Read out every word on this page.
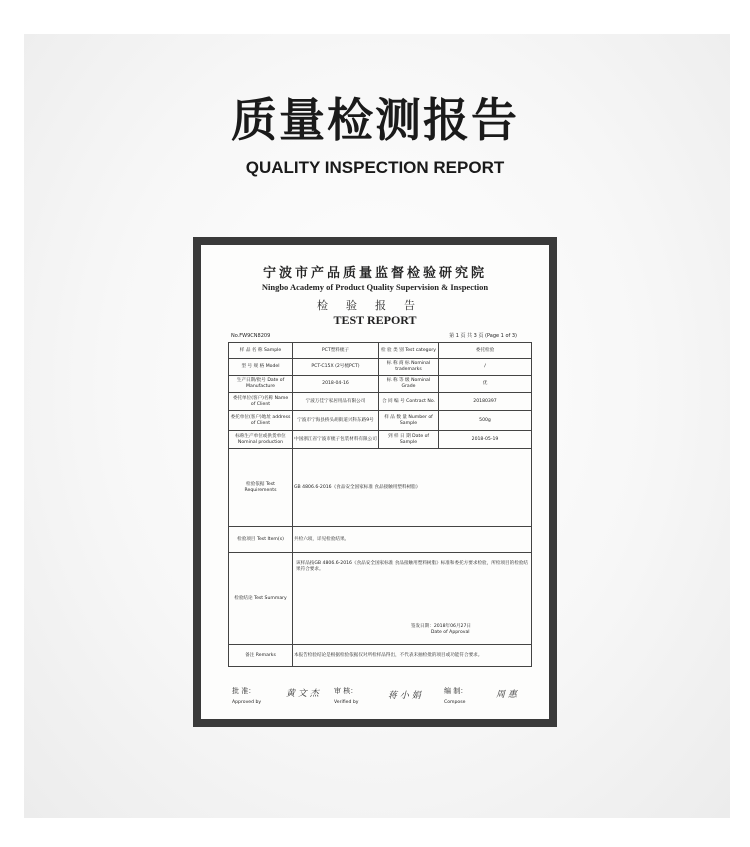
质量检测报告
QUALITY INSPECTION REPORT
宁波市产品质量监督检验研究院
Ningbo Academy of Product Quality Supervision & Inspection
检验报告
TEST REPORT
No.FW9CN8209	第 1 页 共 3 页 (Page 1 of 3)
样 品 名 称 Sample	PCT塑料梳子	检 验 类 别 Test category	委托检验
型 号 规 格 Model	PCT-C15X (2号梳PCT)	标 称 商 标 Nominal trademarks	/
生产日期/批号 Date of Manufacture	2018-04-16	标 称 等 级 Nominal Grade	优
委托单位(客户)名称 Name of Client	宁波万佳宁家居用品有限公司	合 同 编 号 Contract No.	20180397
委托单位(客户)地址 address of Client	宁波市宁海县桥头胡街道兴科东路9号	样 品 数 量 Number of Sample	500g
标称生产单位或供货单位 Nominal production	中国浙江省宁波市梳子包装材料有限公司	到 样 日 期 Date of Sample	2018-05-19
检验依据 Test Requirements	GB 4806.6-2016《食品安全国家标准 食品接触用塑料树脂》		
检验项目 Test Item(s)	共检六项，详见检验结果。		
检验结论 Test Summary	该样品按GB 4806.6-2016《食品安全国家标准 食品接触用塑料树脂》标准和委托方要求检验，所检项目的检验结果符合要求。
签发日期：2018年06月27日
Date of Approval		

备注 Remarks	本报告检验结论是根据检验依据仅对所检样品得出，不代表未抽检批的项目或功能符合要求。		
批 准：	黄 文 杰
Approved by
审 核：	蒋 小 娟
Verified by
编 制：	周 惠
Compose
